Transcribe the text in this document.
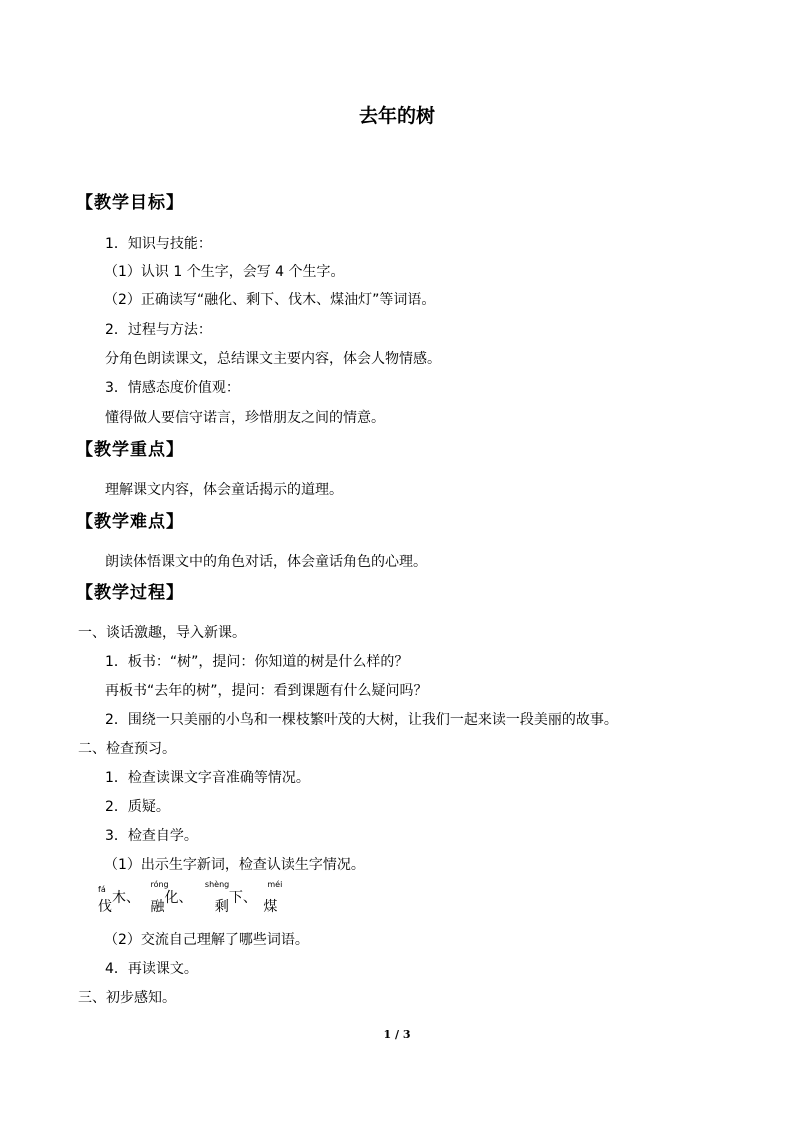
去年的树
【教学目标】
1．知识与技能：
（1）认识 1 个生字，会写 4 个生字。
（2）正确读写“融化、剩下、伐木、煤油灯”等词语。
2．过程与方法：
分角色朗读课文，总结课文主要内容，体会人物情感。
3．情感态度价值观：
懂得做人要信守诺言，珍惜朋友之间的情意。
【教学重点】
理解课文内容，体会童话揭示的道理。
【教学难点】
朗读体悟课文中的角色对话，体会童话角色的心理。
【教学过程】
一、谈话激趣，导入新课。
1．板书：“树”，提问：你知道的树是什么样的？
再板书“去年的树”，提问：看到课题有什么疑问吗？
2．围绕一只美丽的小鸟和一棵枝繁叶茂的大树，让我们一起来读一段美丽的故事。
二、检查预习。
1．检查读课文字音准确等情况。
2．质疑。
3．检查自学。
（1）出示生字新词，检查认读生字情况。
fá
伐木、
róng
融化、
shèng
剩下、
méi
煤
（2）交流自己理解了哪些词语。
4．再读课文。
三、初步感知。
1 / 3
